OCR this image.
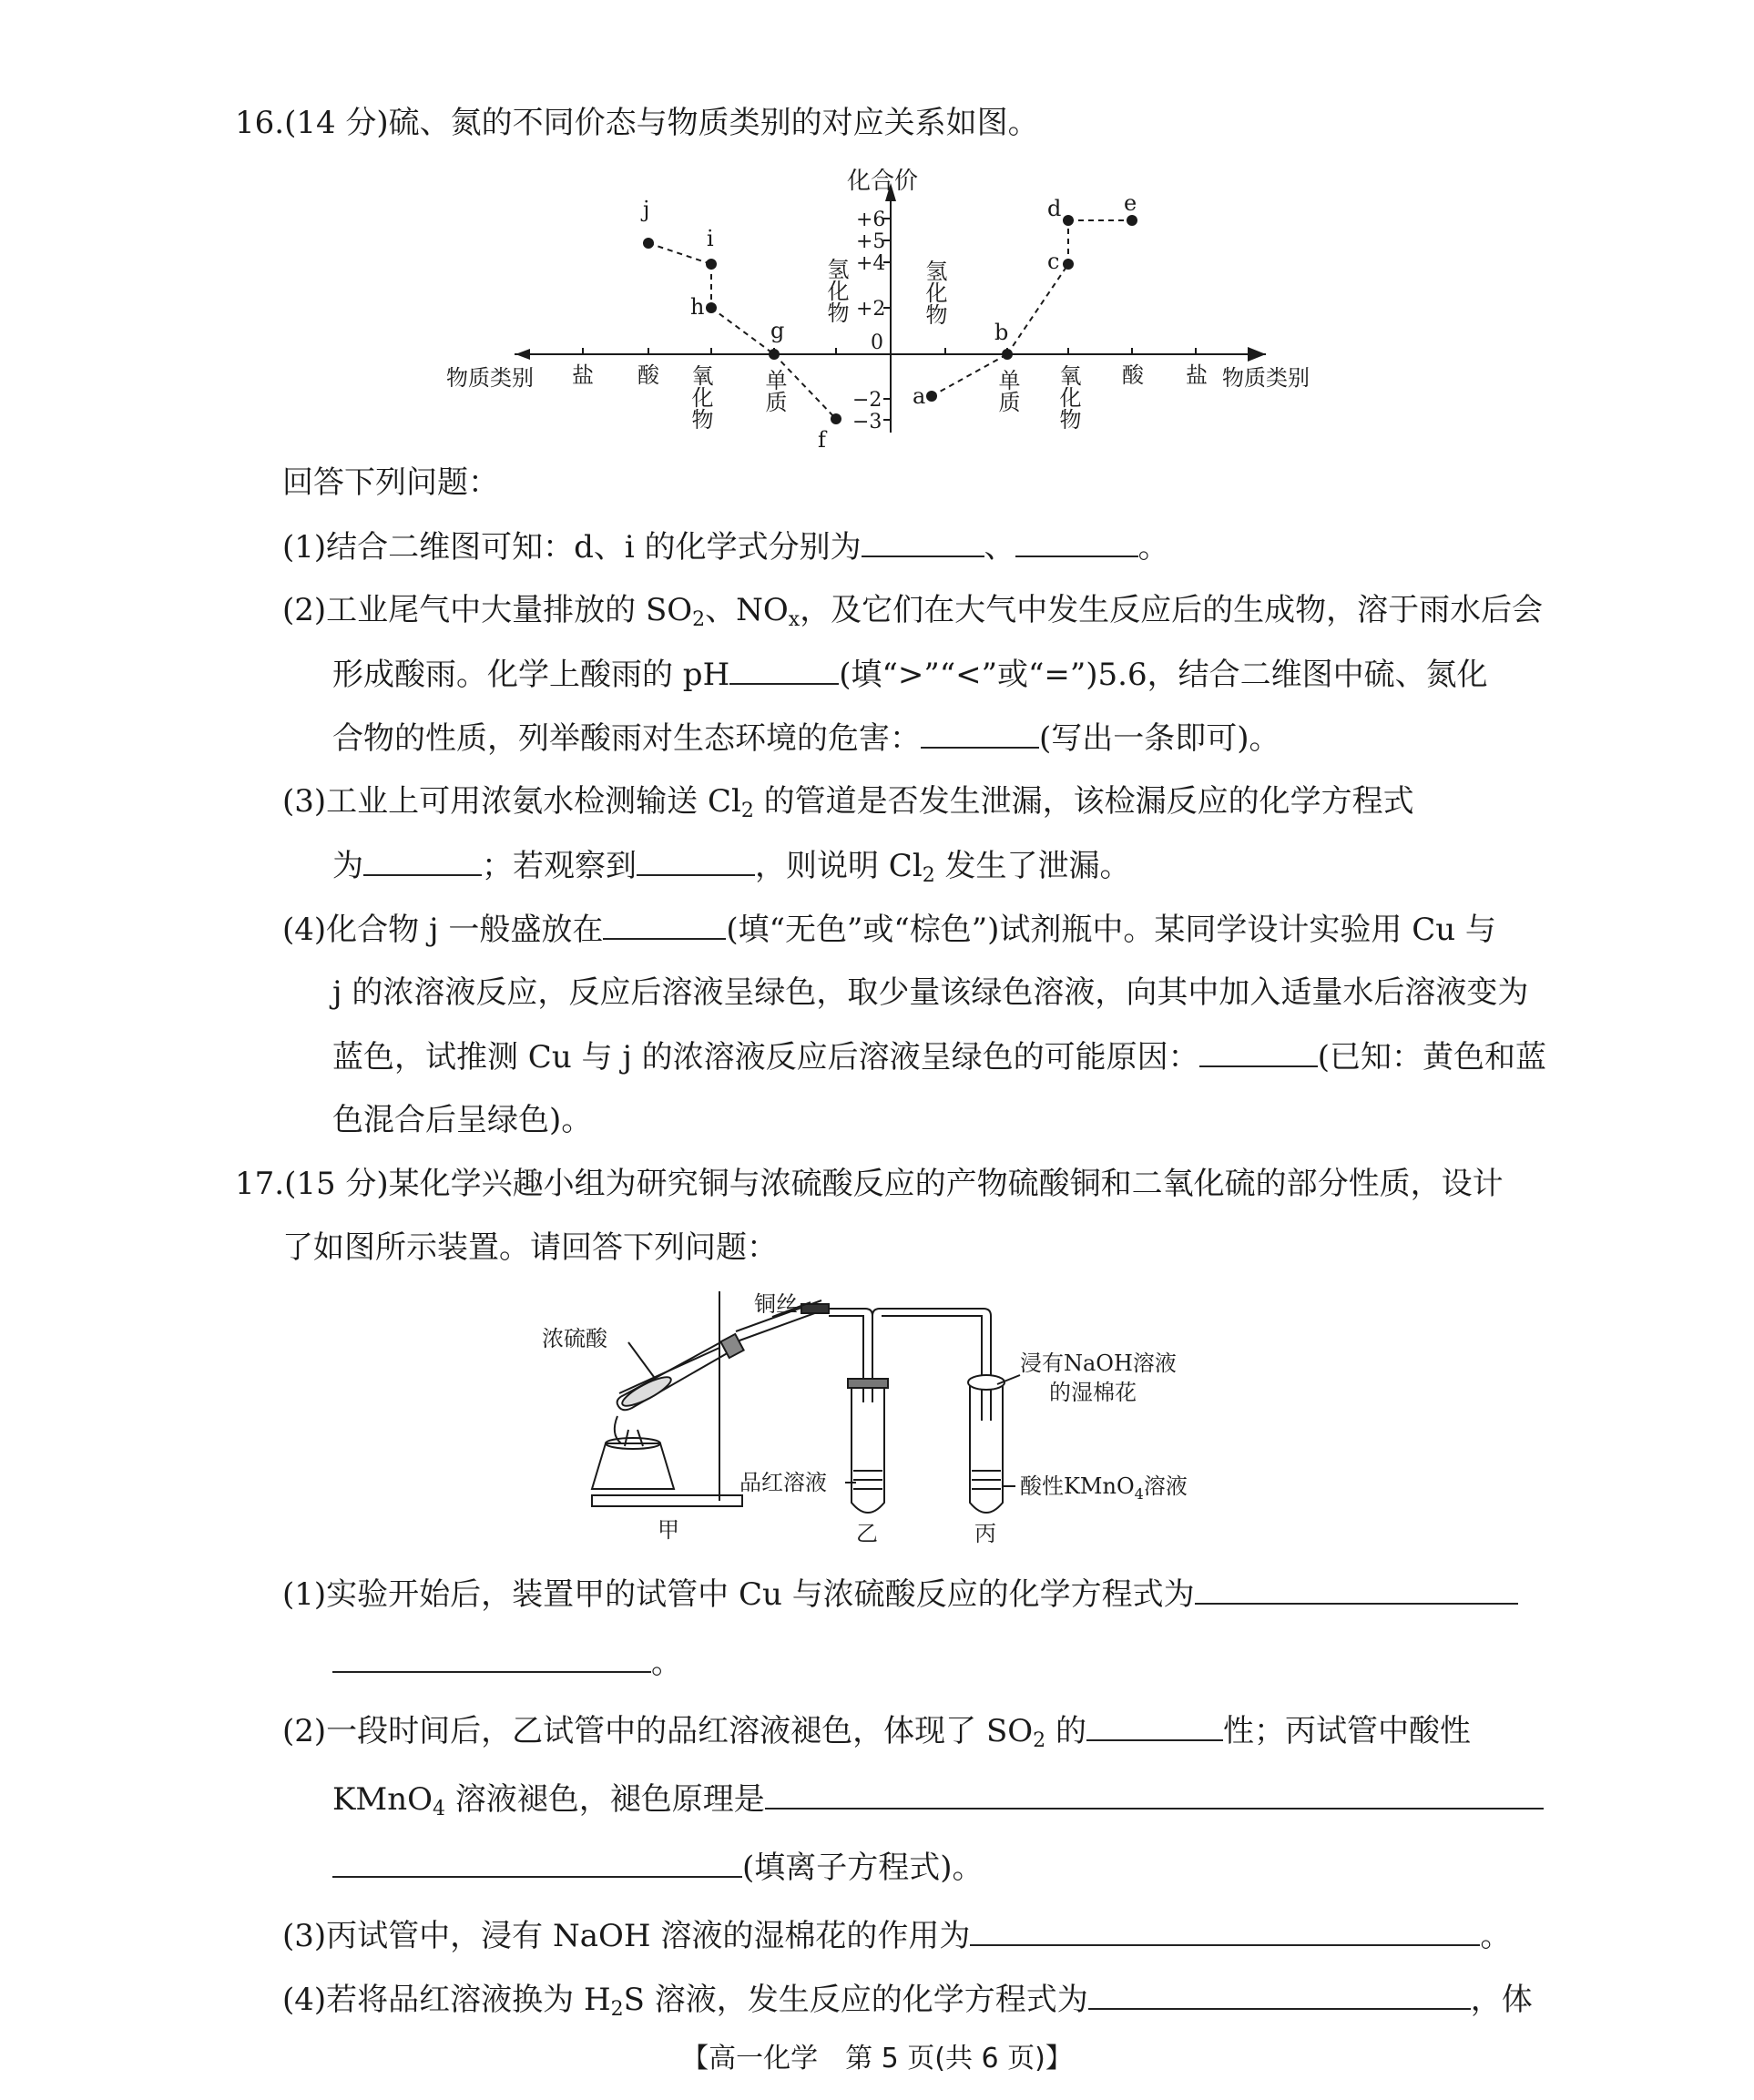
16.(14 分)硫、氮的不同价态与物质类别的对应关系如图。
化合价
+6
+5
+4
+2
0
−2
−3
物质类别 盐 酸 氧化物 单质
氢化物	氢化物
单质 氧化物 酸 盐 物质类别
j
i
h
g
f
a
b
c
d	e
回答下列问题：
(1)结合二维图可知：d、i 的化学式分别为	、	。
(2)工业尾气中大量排放的 $SO_2$、$NO_x$，及它们在大气中发生反应后的生成物，溶于雨水后会
形成酸雨。化学上酸雨的 pH	(填“>”“<”或“=”)5.6，结合二维图中硫、氮化
合物的性质，列举酸雨对生态环境的危害：	(写出一条即可)。
(3)工业上可用浓氨水检测输送 $Cl_2$ 的管道是否发生泄漏，该检漏反应的化学方程式
为	；若观察到	，则说明 $Cl_2$ 发生了泄漏。
(4)化合物 j 一般盛放在	(填“无色”或“棕色”)试剂瓶中。某同学设计实验用 Cu 与
j 的浓溶液反应，反应后溶液呈绿色，取少量该绿色溶液，向其中加入适量水后溶液变为
蓝色，试推测 Cu 与 j 的浓溶液反应后溶液呈绿色的可能原因：	(已知：黄色和蓝
色混合后呈绿色)。
17.(15 分)某化学兴趣小组为研究铜与浓硫酸反应的产物硫酸铜和二氧化硫的部分性质，设计
了如图所示装置。请回答下列问题：
铜丝
浓硫酸
浸有NaOH溶液
的湿棉花
品红溶液	酸性KMnO$_4$溶液
甲	乙	丙
(1)实验开始后，装置甲的试管中 Cu 与浓硫酸反应的化学方程式为
。
(2)一段时间后，乙试管中的品红溶液褪色，体现了 $SO_2$ 的	性；丙试管中酸性
KMnO$_4$ 溶液褪色，褪色原理是
(填离子方程式)。
(3)丙试管中，浸有 NaOH 溶液的湿棉花的作用为	。
(4)若将品红溶液换为 $H_2S$ 溶液，发生反应的化学方程式为	，体
【高一化学　第 5 页(共 6 页)】
